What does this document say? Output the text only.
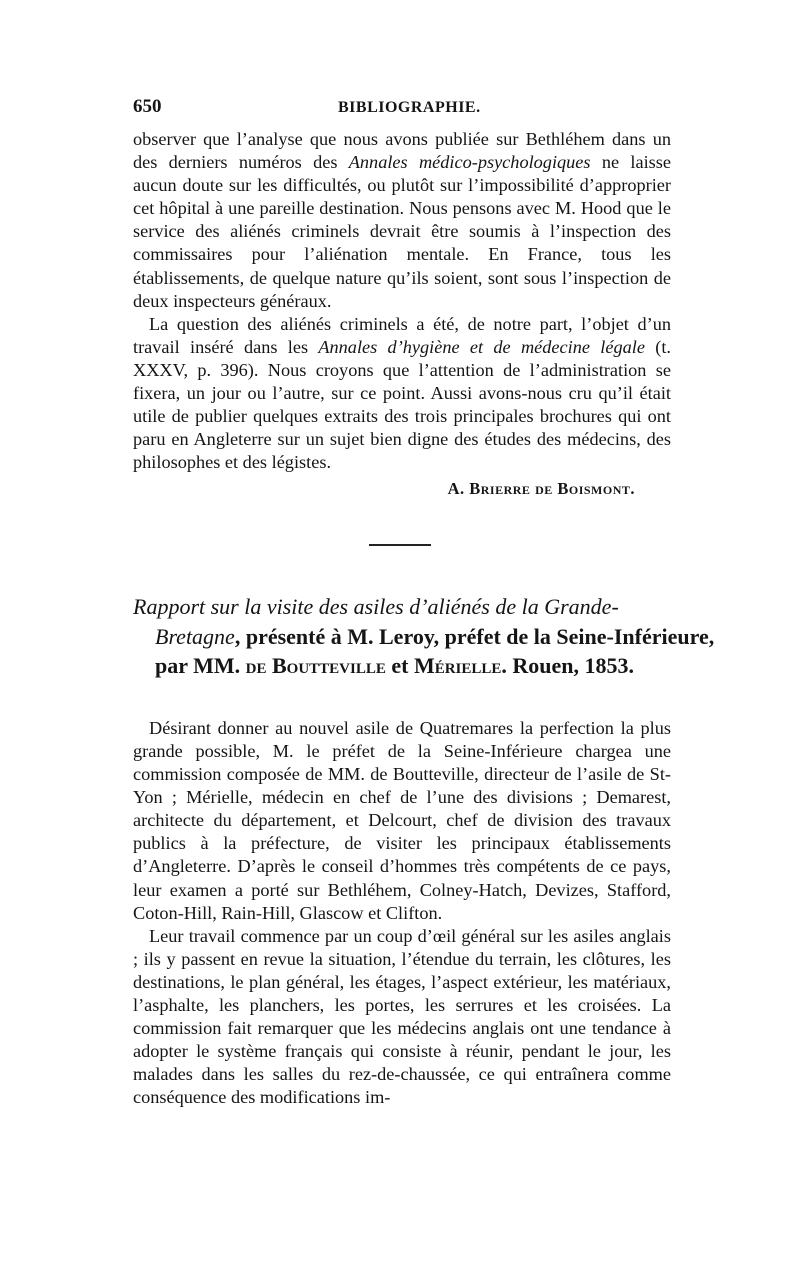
650	BIBLIOGRAPHIE.

observer que l’analyse que nous avons publiée sur Bethléhem dans un des derniers numéros des Annales médico-psychologiques ne laisse aucun doute sur les difficultés, ou plutôt sur l’impossibilité d’approprier cet hôpital à une pareille destination. Nous pensons avec M. Hood que le service des aliénés criminels devrait être soumis à l’inspection des commissaires pour l’aliénation mentale. En France, tous les établissements, de quelque nature qu’ils soient, sont sous l’inspection de deux inspecteurs généraux.

La question des aliénés criminels a été, de notre part, l’objet d’un travail inséré dans les Annales d’hygiène et de médecine légale (t. XXXV, p. 396). Nous croyons que l’attention de l’administration se fixera, un jour ou l’autre, sur ce point. Aussi avons-nous cru qu’il était utile de publier quelques extraits des trois principales brochures qui ont paru en Angleterre sur un sujet bien digne des études des médecins, des philosophes et des légistes.

A. Brierre de Boismont.

Rapport sur la visite des asiles d’aliénés de la Grande-
Bretagne, présenté à M. Leroy, préfet de la Seine-Inférieure,
par MM. de Boutteville et Mérielle. Rouen, 1853.

Désirant donner au nouvel asile de Quatremares la perfection la plus grande possible, M. le préfet de la Seine-Inférieure chargea une commission composée de MM. de Boutteville, directeur de l’asile de St-Yon ; Mérielle, médecin en chef de l’une des divisions ; Demarest, architecte du département, et Delcourt, chef de division des travaux publics à la préfecture, de visiter les principaux établissements d’Angleterre. D’après le conseil d’hommes très compétents de ce pays, leur examen a porté sur Bethléhem, Colney-Hatch, Devizes, Stafford, Coton-Hill, Rain-Hill, Glascow et Clifton.

Leur travail commence par un coup d’œil général sur les asiles anglais ; ils y passent en revue la situation, l’étendue du terrain, les clôtures, les destinations, le plan général, les étages, l’aspect extérieur, les matériaux, l’asphalte, les planchers, les portes, les serrures et les croisées. La commission fait remarquer que les médecins anglais ont une tendance à adopter le système français qui consiste à réunir, pendant le jour, les malades dans les salles du rez-de-chaussée, ce qui entraînera comme conséquence des modifications im-
